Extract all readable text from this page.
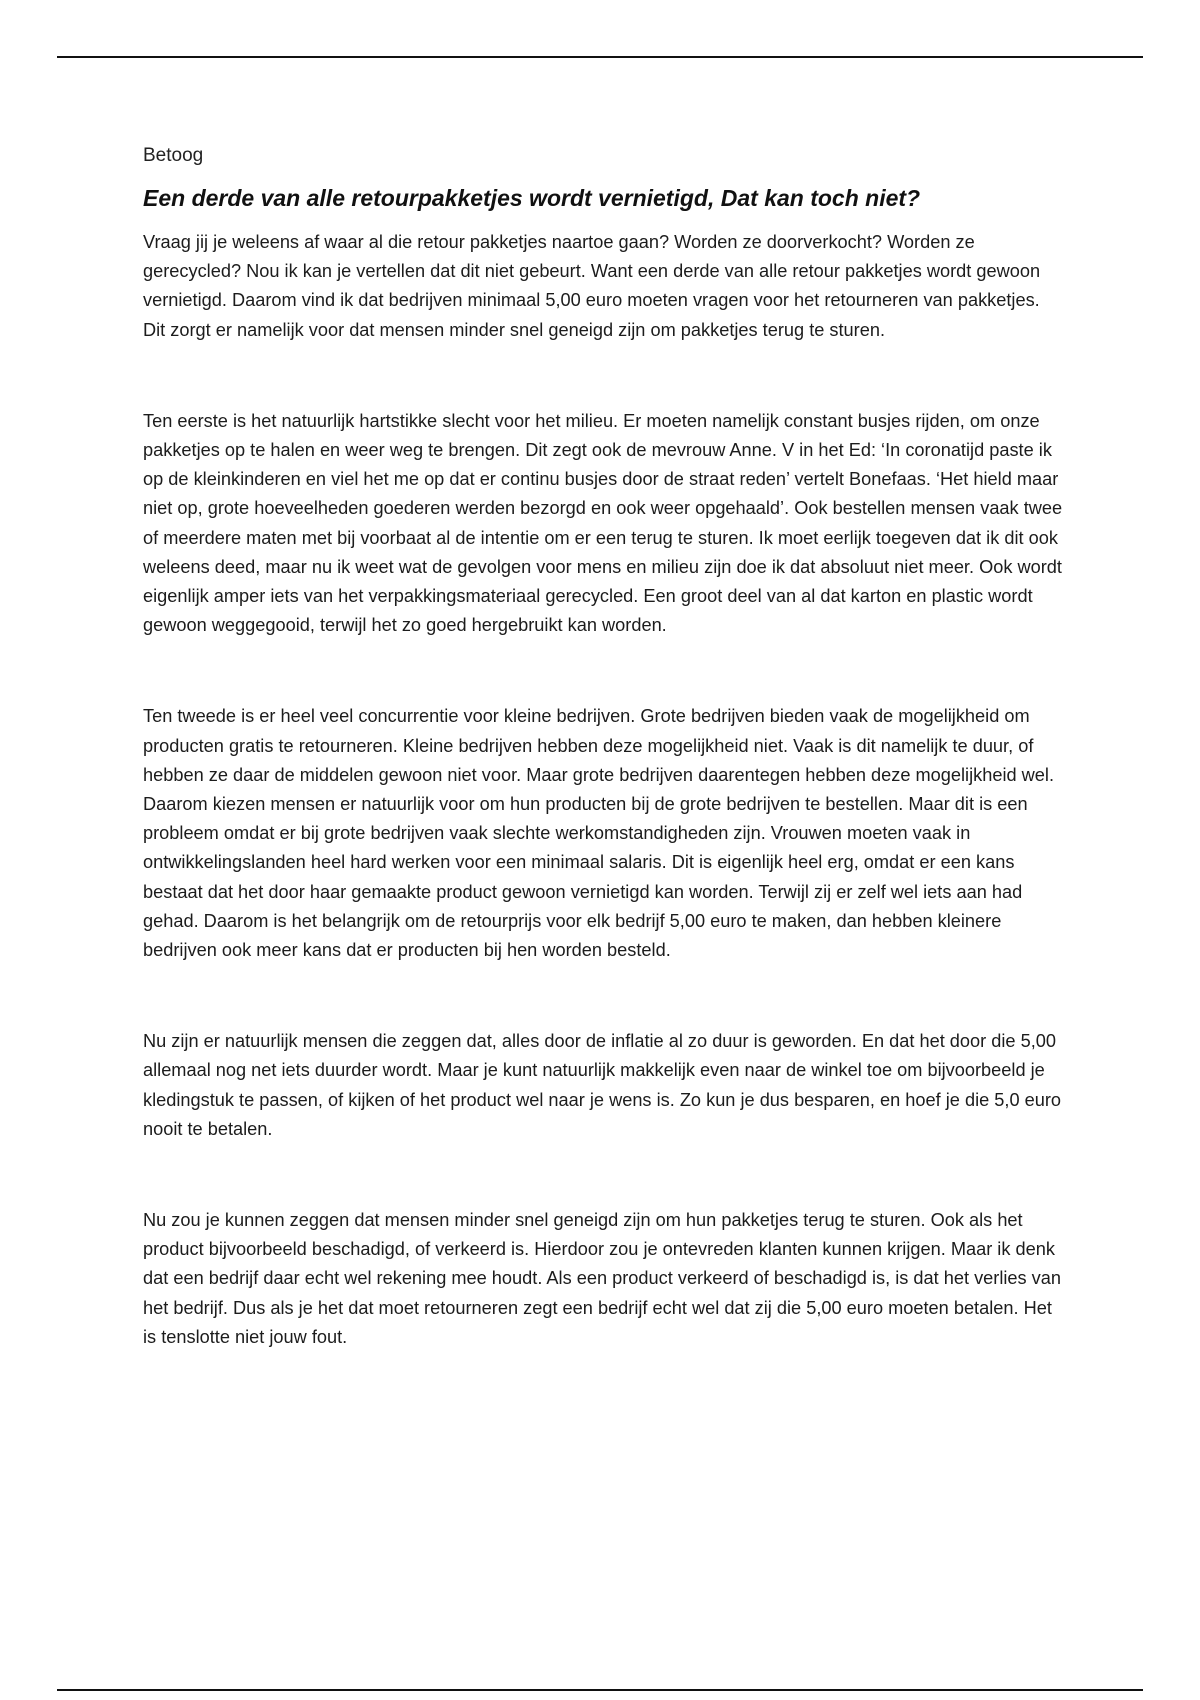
Betoog

Een derde van alle retourpakketjes wordt vernietigd, Dat kan toch niet?

Vraag jij je weleens af waar al die retour pakketjes naartoe gaan? Worden ze doorverkocht? Worden ze gerecycled? Nou ik kan je vertellen dat dit niet gebeurt. Want een derde van alle retour pakketjes wordt gewoon vernietigd. Daarom vind ik dat bedrijven minimaal 5,00 euro moeten vragen voor het retourneren van pakketjes. Dit zorgt er namelijk voor dat mensen minder snel geneigd zijn om pakketjes terug te sturen.

Ten eerste is het natuurlijk hartstikke slecht voor het milieu. Er moeten namelijk constant busjes rijden, om onze pakketjes op te halen en weer weg te brengen. Dit zegt ook de mevrouw Anne. V in het Ed: ‘In coronatijd paste ik op de kleinkinderen en viel het me op dat er continu busjes door de straat reden’ vertelt Bonefaas. ‘Het hield maar niet op, grote hoeveelheden goederen werden bezorgd en ook weer opgehaald’. Ook bestellen mensen vaak twee of meerdere maten met bij voorbaat al de intentie om er een terug te sturen. Ik moet eerlijk toegeven dat ik dit ook weleens deed, maar nu ik weet wat de gevolgen voor mens en milieu zijn doe ik dat absoluut niet meer. Ook wordt eigenlijk amper iets van het verpakkingsmateriaal gerecycled. Een groot deel van al dat karton en plastic wordt gewoon weggegooid, terwijl het zo goed hergebruikt kan worden.

Ten tweede is er heel veel concurrentie voor kleine bedrijven. Grote bedrijven bieden vaak de mogelijkheid om producten gratis te retourneren. Kleine bedrijven hebben deze mogelijkheid niet. Vaak is dit namelijk te duur, of hebben ze daar de middelen gewoon niet voor. Maar grote bedrijven daarentegen hebben deze mogelijkheid wel. Daarom kiezen mensen er natuurlijk voor om hun producten bij de grote bedrijven te bestellen. Maar dit is een probleem omdat er bij grote bedrijven vaak slechte werkomstandigheden zijn. Vrouwen moeten vaak in ontwikkelingslanden heel hard werken voor een minimaal salaris. Dit is eigenlijk heel erg, omdat er een kans bestaat dat het door haar gemaakte product gewoon vernietigd kan worden. Terwijl zij er zelf wel iets aan had gehad. Daarom is het belangrijk om de retourprijs voor elk bedrijf 5,00 euro te maken, dan hebben kleinere bedrijven ook meer kans dat er producten bij hen worden besteld.

Nu zijn er natuurlijk mensen die zeggen dat, alles door de inflatie al zo duur is geworden. En dat het door die 5,00 allemaal nog net iets duurder wordt. Maar je kunt natuurlijk makkelijk even naar de winkel toe om bijvoorbeeld je kledingstuk te passen, of kijken of het product wel naar je wens is. Zo kun je dus besparen, en hoef je die 5,0 euro nooit te betalen.

Nu zou je kunnen zeggen dat mensen minder snel geneigd zijn om hun pakketjes terug te sturen. Ook als het product bijvoorbeeld beschadigd, of verkeerd is. Hierdoor zou je ontevreden klanten kunnen krijgen. Maar ik denk dat een bedrijf daar echt wel rekening mee houdt. Als een product verkeerd of beschadigd is, is dat het verlies van het bedrijf. Dus als je het dat moet retourneren zegt een bedrijf echt wel dat zij die 5,00 euro moeten betalen. Het is tenslotte niet jouw fout.
